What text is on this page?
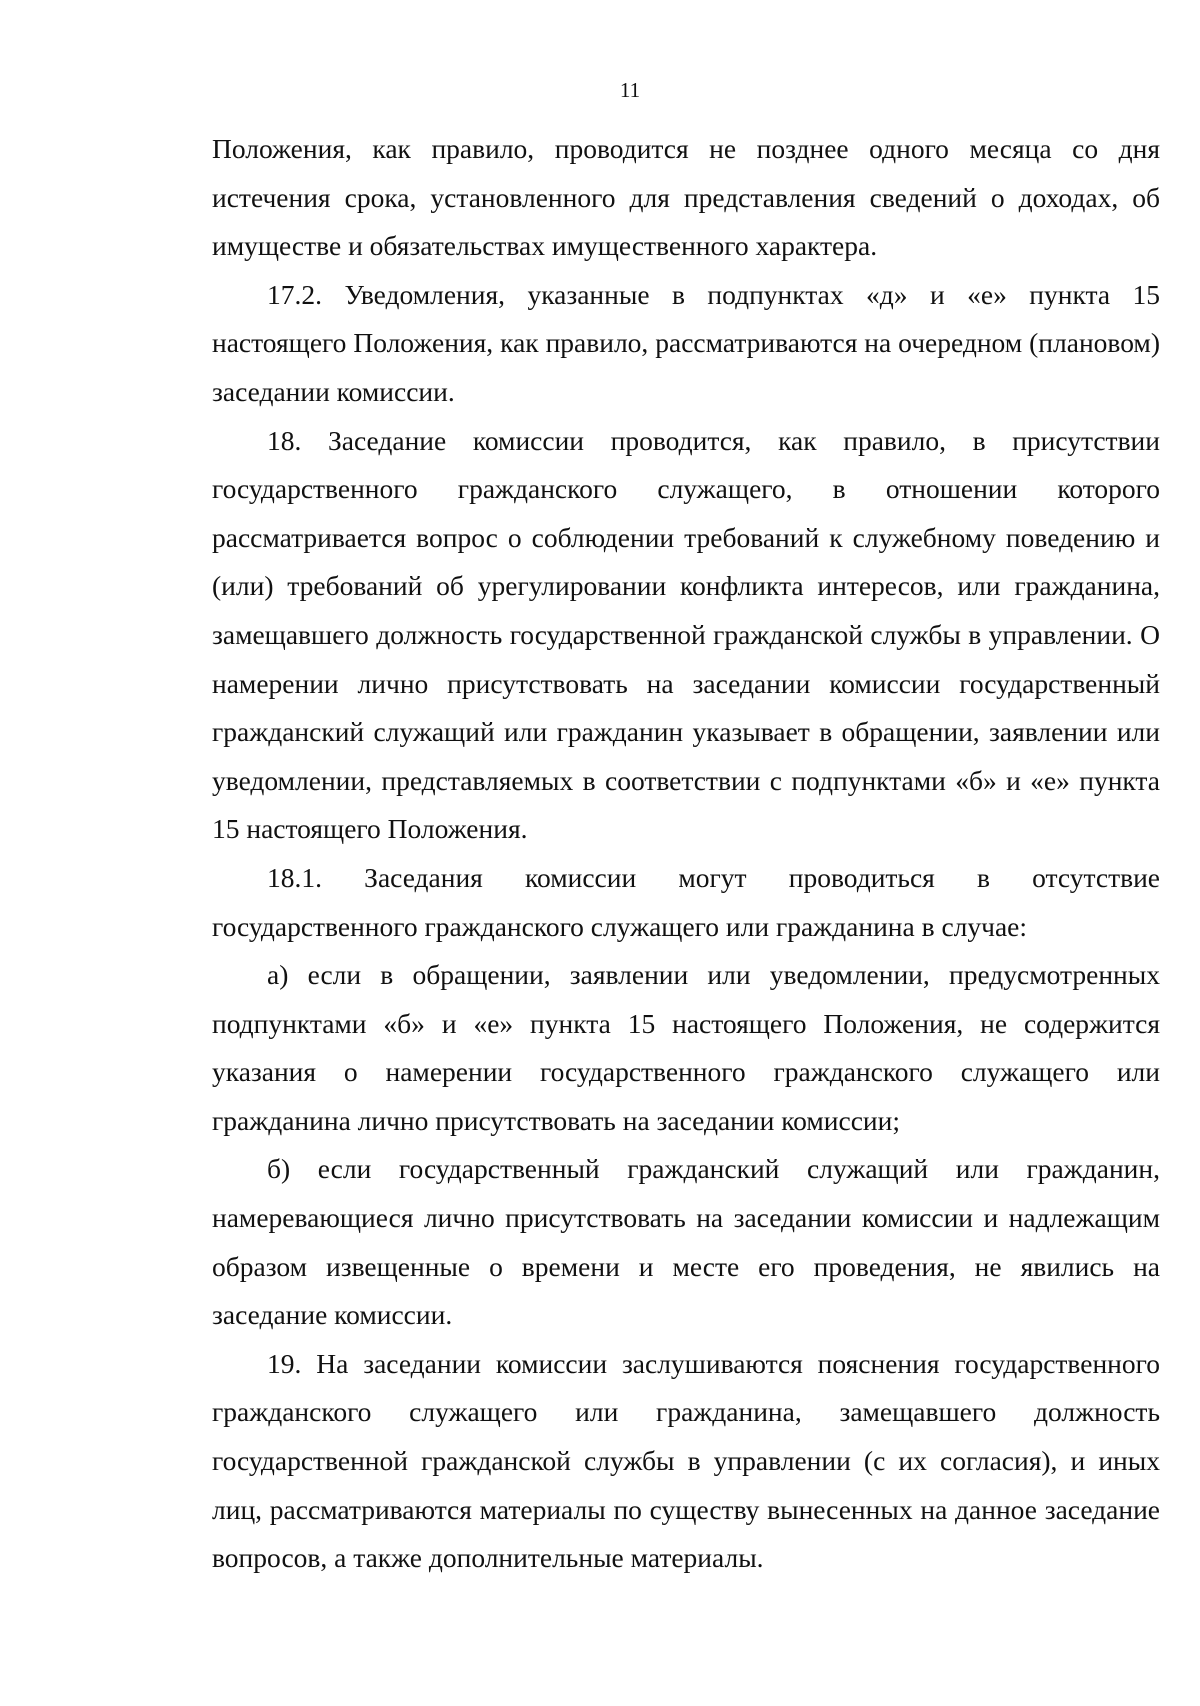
11

Положения, как правило, проводится не позднее одного месяца со дня истечения срока, установленного для представления сведений о доходах, об имуществе и обязательствах имущественного характера.

17.2. Уведомления, указанные в подпунктах «д» и «е» пункта 15 настоящего Положения, как правило, рассматриваются на очередном (плановом) заседании комиссии.

18. Заседание комиссии проводится, как правило, в присутствии государственного гражданского служащего, в отношении которого рассматривается вопрос о соблюдении требований к служебному поведению и (или) требований об урегулировании конфликта интересов, или гражданина, замещавшего должность государственной гражданской службы в управлении. О намерении лично присутствовать на заседании комиссии государственный гражданский служащий или гражданин указывает в обращении, заявлении или уведомлении, представляемых в соответствии с подпунктами «б» и «е» пункта 15 настоящего Положения.

18.1. Заседания комиссии могут проводиться в отсутствие государственного гражданского служащего или гражданина в случае:

а) если в обращении, заявлении или уведомлении, предусмотренных подпунктами «б» и «е» пункта 15 настоящего Положения, не содержится указания о намерении государственного гражданского служащего или гражданина лично присутствовать на заседании комиссии;

б) если государственный гражданский служащий или гражданин, намеревающиеся лично присутствовать на заседании комиссии и надлежащим образом извещенные о времени и месте его проведения, не явились на заседание комиссии.

19. На заседании комиссии заслушиваются пояснения государственного гражданского служащего или гражданина, замещавшего должность государственной гражданской службы в управлении (с их согласия), и иных лиц, рассматриваются материалы по существу вынесенных на данное заседание вопросов, а также дополнительные материалы.
